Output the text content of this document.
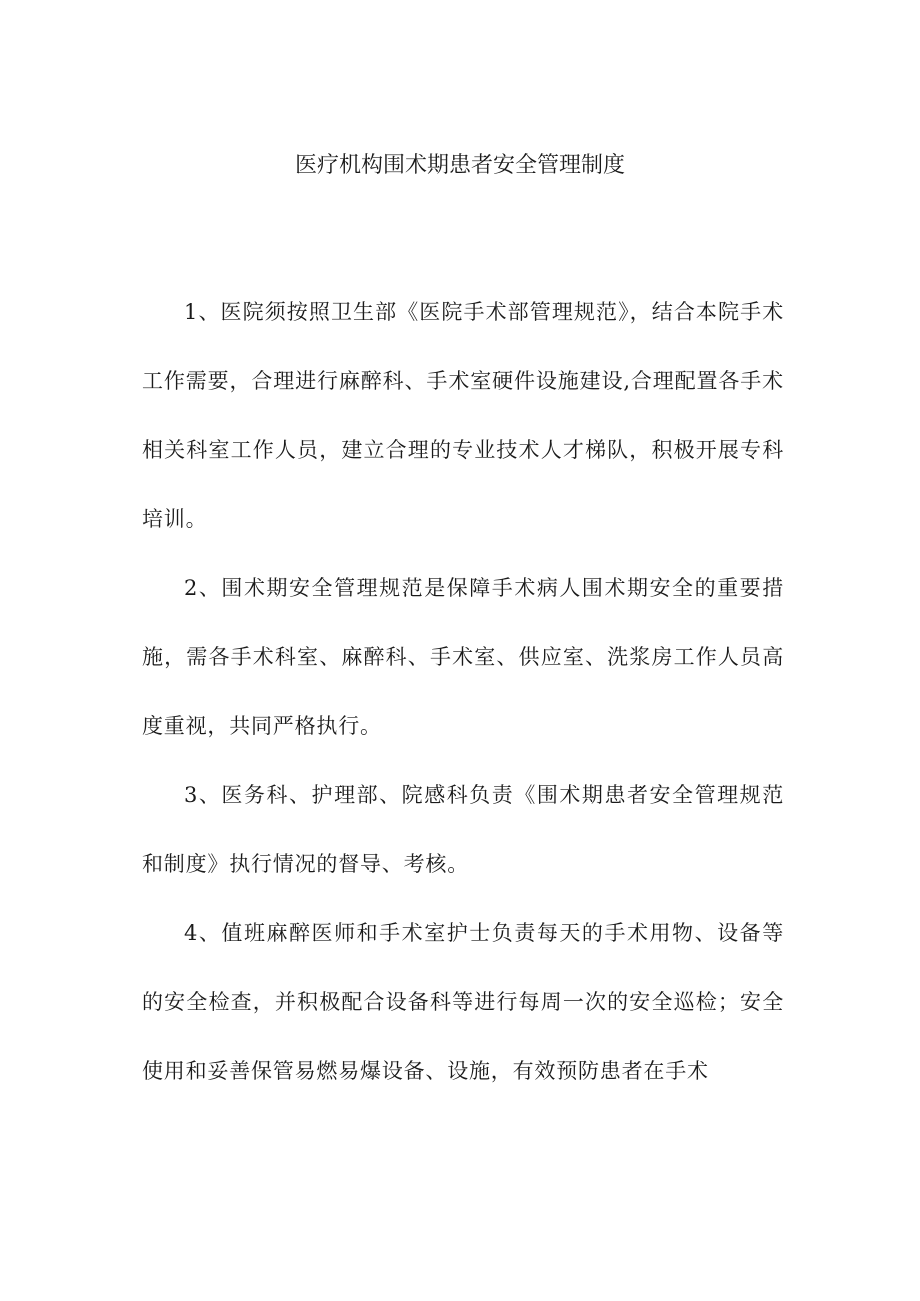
医疗机构围术期患者安全管理制度

1、医院须按照卫生部《医院手术部管理规范》，结合本院手术工作需要，合理进行麻醉科、手术室硬件设施建设,合理配置各手术相关科室工作人员，建立合理的专业技术人才梯队，积极开展专科培训。

2、围术期安全管理规范是保障手术病人围术期安全的重要措施，需各手术科室、麻醉科、手术室、供应室、洗浆房工作人员高度重视，共同严格执行。

3、医务科、护理部、院感科负责《围术期患者安全管理规范和制度》执行情况的督导、考核。

4、值班麻醉医师和手术室护士负责每天的手术用物、设备等的安全检查，并积极配合设备科等进行每周一次的安全巡检；安全使用和妥善保管易燃易爆设备、设施，有效预防患者在手术
